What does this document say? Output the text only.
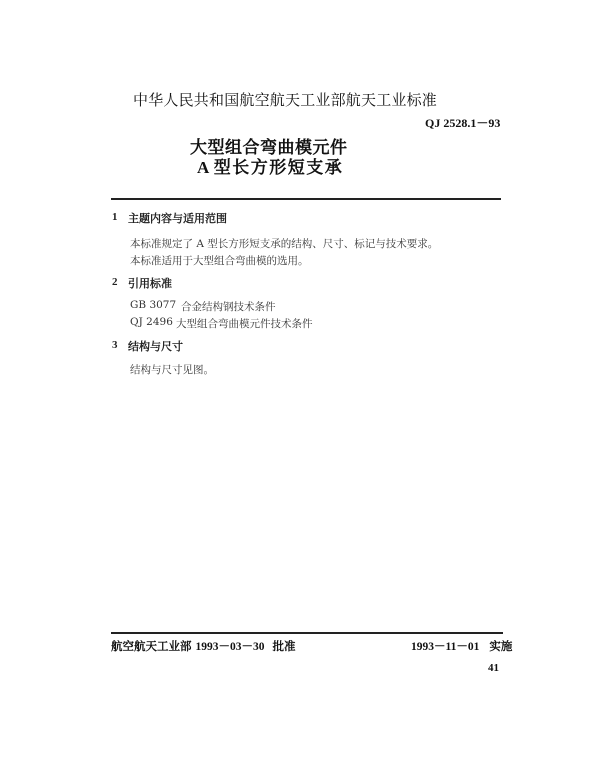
中华人民共和国航空航天工业部航天工业标准
QJ 2528.1－93
大型组合弯曲模元件
A 型长方形短支承
1 主题内容与适用范围
本标准规定了 A 型长方形短支承的结构、尺寸、标记与技术要求。
本标准适用于大型组合弯曲模的选用。
2 引用标准
GB 3077 合金结构钢技术条件
QJ 2496 大型组合弯曲模元件技术条件
3 结构与尺寸
结构与尺寸见图。
航空航天工业部 1993－03－30 批准	1993－11－01 实施
41
